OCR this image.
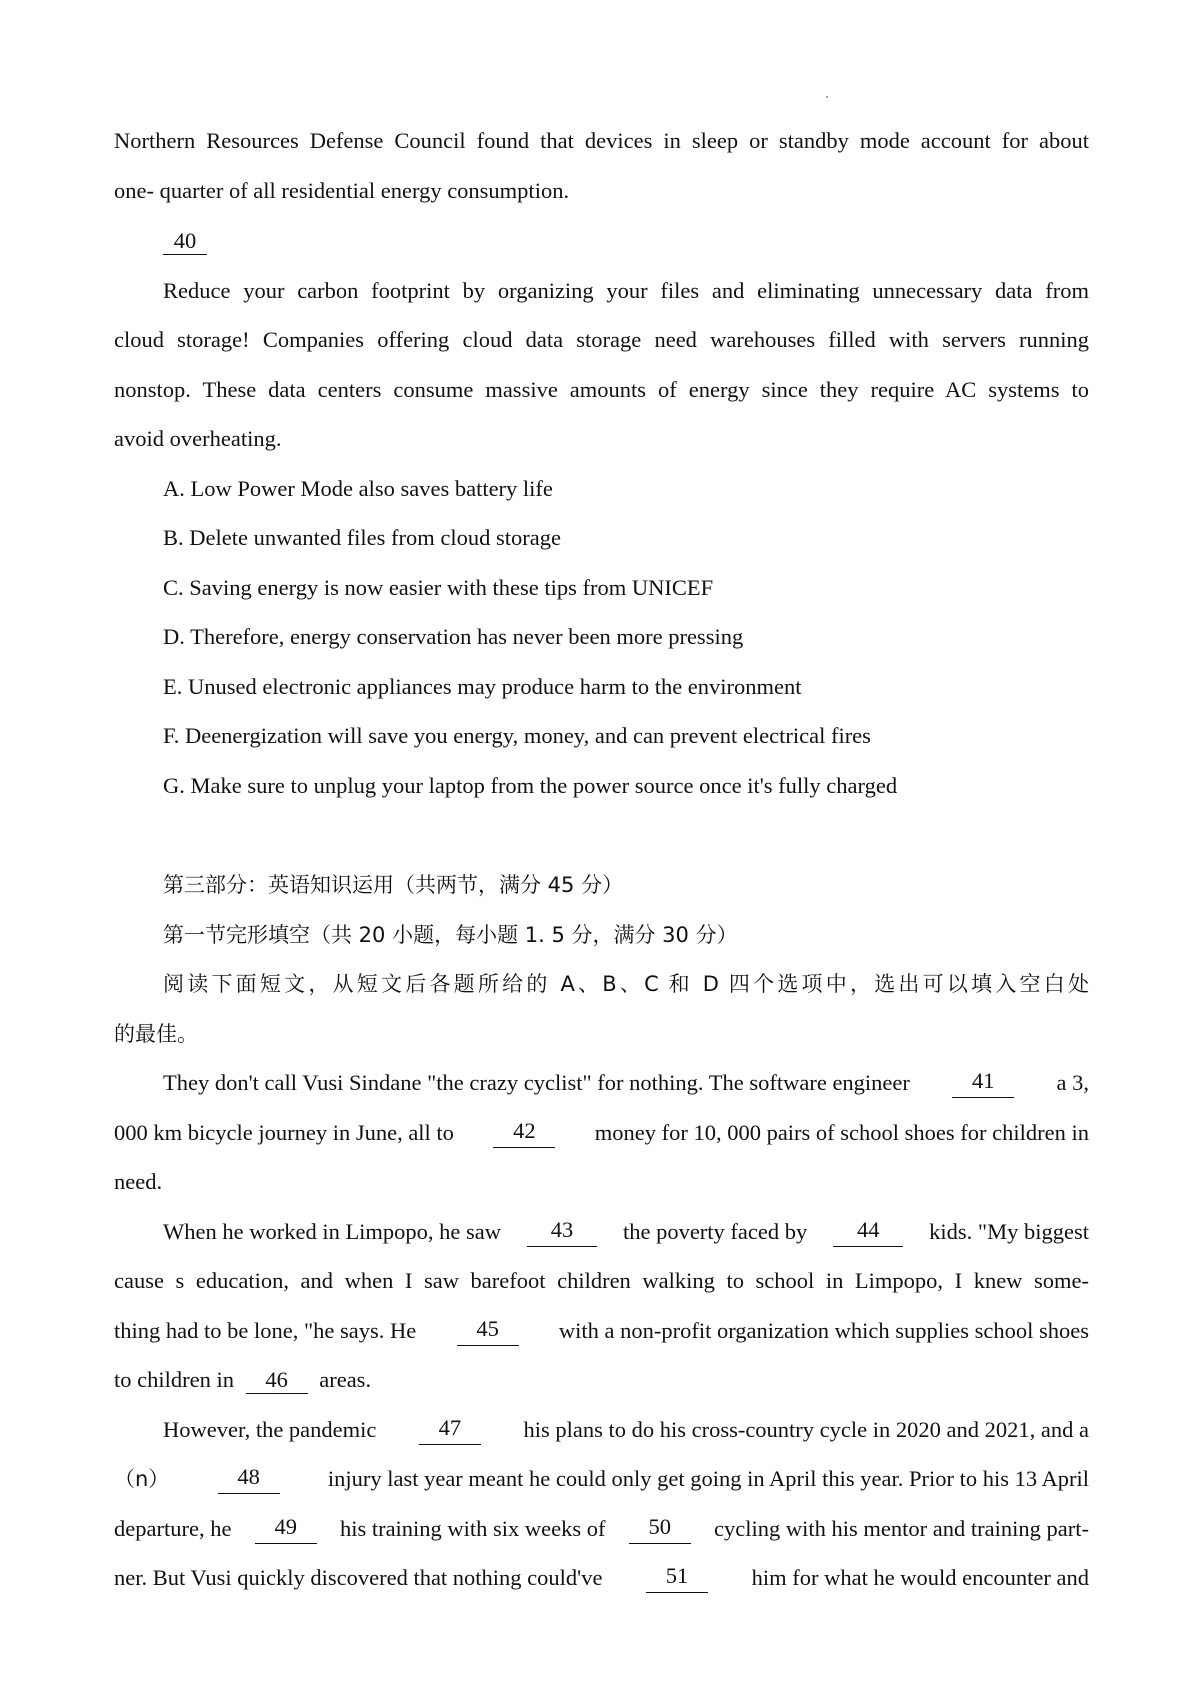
Northern Resources Defense Council found that devices in sleep or standby mode account for about
one- quarter of all residential energy consumption.
40
Reduce your carbon footprint by organizing your files and eliminating unnecessary data from
cloud storage! Companies offering cloud data storage need warehouses filled with servers running
nonstop. These data centers consume massive amounts of energy since they require AC systems to
avoid overheating.
A. Low Power Mode also saves battery life
B. Delete unwanted files from cloud storage
C. Saving energy is now easier with these tips from UNICEF
D. Therefore, energy conservation has never been more pressing
E. Unused electronic appliances may produce harm to the environment
F. Deenergization will save you energy, money, and can prevent electrical fires
G. Make sure to unplug your laptop from the power source once it's fully charged
第三部分：英语知识运用（共两节，满分 45 分）
第一节完形填空（共 20 小题，每小题 1. 5 分，满分 30 分）
阅读下面短文，从短文后各题所给的 A、B、C 和 D 四个选项中，选出可以填入空白处
的最佳。
They don't call Vusi Sindane "the crazy cyclist" for nothing. The software engineer	41	a 3,
000 km bicycle journey in June, all to	42	money for 10, 000 pairs of school shoes for children in
need.
When he worked in Limpopo, he saw	43	the poverty faced by	44	kids. "My biggest
cause s education, and when I saw barefoot children walking to school in Limpopo, I knew some-
thing had to be lone, "he says. He	45	with a non-profit organization which supplies school shoes
to children in 46 areas.
However, the pandemic	47	his plans to do his cross-country cycle in 2020 and 2021, and a
（n）	48	injury last year meant he could only get going in April this year. Prior to his 13 April
departure, he	49	his training with six weeks of	50	cycling with his mentor and training part-
ner. But Vusi quickly discovered that nothing could've	51	him for what he would encounter and
